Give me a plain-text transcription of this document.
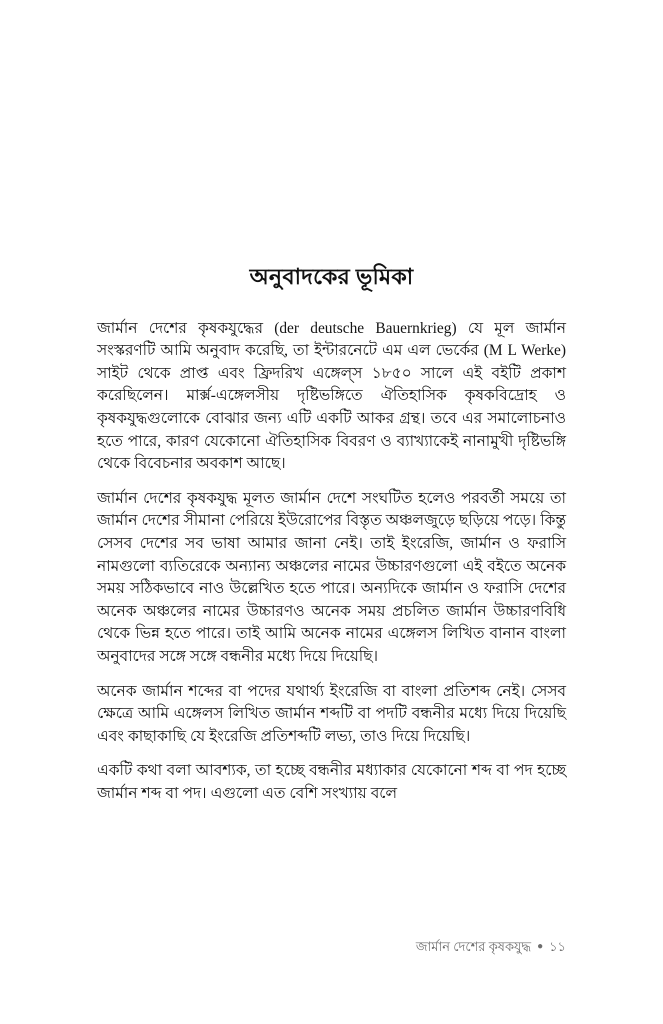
অনুবাদকের ভূমিকা

জার্মান দেশের কৃষকযুদ্ধের (der deutsche Bauernkrieg) যে মূল জার্মান সংস্করণটি আমি অনুবাদ করেছি, তা ইন্টারনেটে এম এল ভের্কের (M L Werke) সাইট থেকে প্রাপ্ত এবং ফ্রিদরিখ এঙ্গেল্স ১৮৫০ সালে এই বইটি প্রকাশ করেছিলেন। মার্ক্স-এঙ্গেলসীয় দৃষ্টিভঙ্গিতে ঐতিহাসিক কৃষকবিদ্রোহ ও কৃষকযুদ্ধগুলোকে বোঝার জন্য এটি একটি আকর গ্রন্থ। তবে এর সমালোচনাও হতে পারে, কারণ যেকোনো ঐতিহাসিক বিবরণ ও ব্যাখ্যাকেই নানামুখী দৃষ্টিভঙ্গি থেকে বিবেচনার অবকাশ আছে।

জার্মান দেশের কৃষকযুদ্ধ মূলত জার্মান দেশে সংঘটিত হলেও পরবর্তী সময়ে তা জার্মান দেশের সীমানা পেরিয়ে ইউরোপের বিস্তৃত অঞ্চলজুড়ে ছড়িয়ে পড়ে। কিন্তু সেসব দেশের সব ভাষা আমার জানা নেই। তাই ইংরেজি, জার্মান ও ফরাসি নামগুলো ব্যতিরেকে অন্যান্য অঞ্চলের নামের উচ্চারণগুলো এই বইতে অনেক সময় সঠিকভাবে নাও উল্লেখিত হতে পারে। অন্যদিকে জার্মান ও ফরাসি দেশের অনেক অঞ্চলের নামের উচ্চারণও অনেক সময় প্রচলিত জার্মান উচ্চারণবিধি থেকে ভিন্ন হতে পারে। তাই আমি অনেক নামের এঙ্গেলস লিখিত বানান বাংলা অনুবাদের সঙ্গে সঙ্গে বন্ধনীর মধ্যে দিয়ে দিয়েছি।

অনেক জার্মান শব্দের বা পদের যথার্থ্য ইংরেজি বা বাংলা প্রতিশব্দ নেই। সেসব ক্ষেত্রে আমি এঙ্গেলস লিখিত জার্মান শব্দটি বা পদটি বন্ধনীর মধ্যে দিয়ে দিয়েছি এবং কাছাকাছি যে ইংরেজি প্রতিশব্দটি লভ্য, তাও দিয়ে দিয়েছি।

একটি কথা বলা আবশ্যক, তা হচ্ছে বন্ধনীর মধ্যাকার যেকোনো শব্দ বা পদ হচ্ছে জার্মান শব্দ বা পদ। এগুলো এত বেশি সংখ্যায় বলে

জার্মান দেশের কৃষকযুদ্ধ ● ১১
